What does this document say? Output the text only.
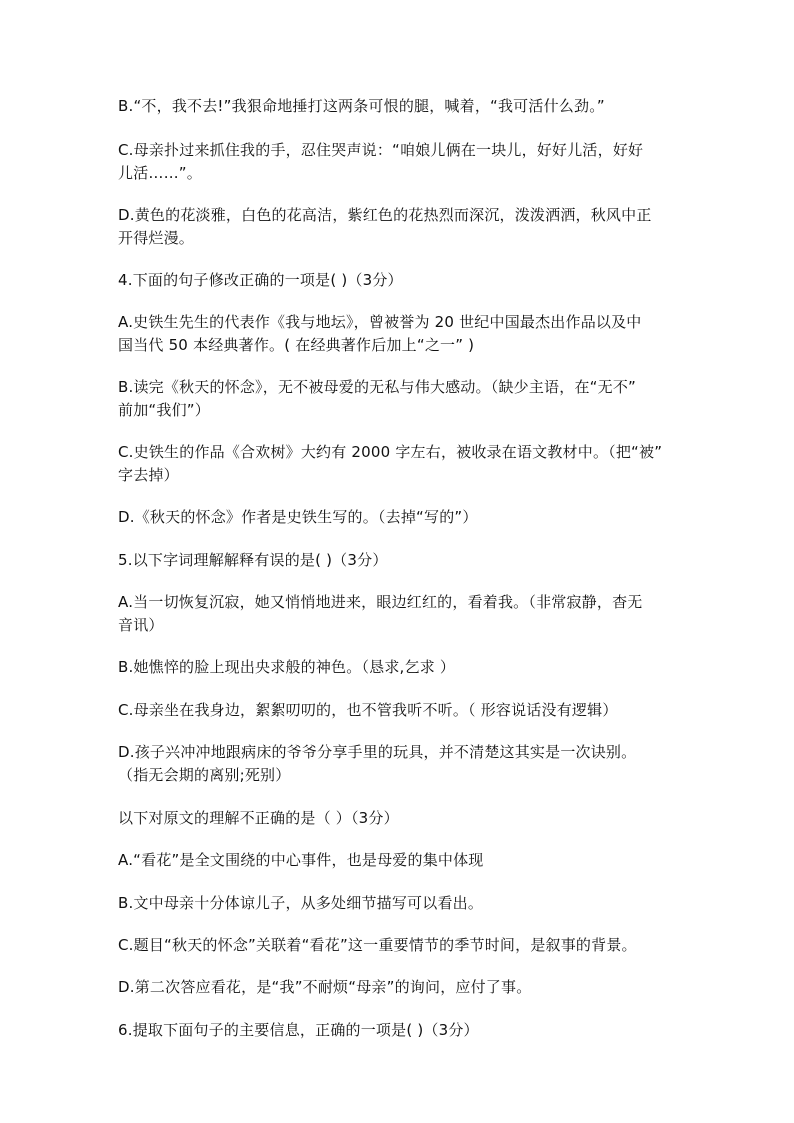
B.“不，我不去!”我狠命地捶打这两条可恨的腿，喊着，“我可活什么劲。”
C.母亲扑过来抓住我的手，忍住哭声说：“咱娘儿俩在一块儿，好好儿活，好好
儿活……”。
D.黄色的花淡雅，白色的花高洁，紫红色的花热烈而深沉，泼泼洒洒，秋风中正
开得烂漫。
4.下面的句子修改正确的一项是( )（3分）
A.史铁生先生的代表作《我与地坛》，曾被誉为 20 世纪中国最杰出作品以及中
国当代 50 本经典著作。( 在经典著作后加上“之一” )
B.读完《秋天的怀念》，无不被母爱的无私与伟大感动。（缺少主语，在“无不”
前加“我们”）
C.史铁生的作品《合欢树》大约有 2000 字左右，被收录在语文教材中。（把“被”
字去掉）
D.《秋天的怀念》作者是史铁生写的。（去掉“写的”）
5.以下字词理解解释有误的是( )（3分）
A.当一切恢复沉寂，她又悄悄地进来，眼边红红的，看着我。（非常寂静，杳无
音讯）
B.她憔悴的脸上现出央求般的神色。（恳求,乞求 ）
C.母亲坐在我身边，絮絮叨叨的，也不管我听不听。（ 形容说话没有逻辑）
D.孩子兴冲冲地跟病床的爷爷分享手里的玩具，并不清楚这其实是一次诀别。
（指无会期的离别;死别）
以下对原文的理解不正确的是（ ）（3分）
A.“看花”是全文围绕的中心事件，也是母爱的集中体现
B.文中母亲十分体谅儿子，从多处细节描写可以看出。
C.题目“秋天的怀念”关联着“看花”这一重要情节的季节时间，是叙事的背景。
D.第二次答应看花，是“我”不耐烦“母亲”的询问，应付了事。
6.提取下面句子的主要信息，正确的一项是( )（3分）
